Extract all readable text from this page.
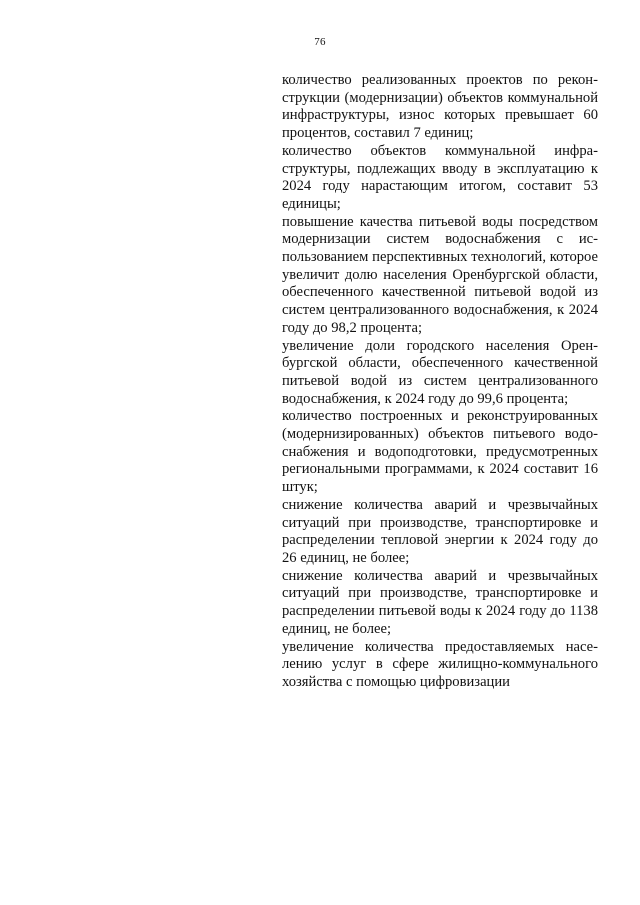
76

количество реализованных проектов по реконструкции (модернизации) объектов коммунальной инфраструктуры, износ которых превышает 60 процентов, составил 7 единиц;

количество объектов коммунальной инфраструктуры, подлежащих вводу в эксплуатацию к 2024 году нарастающим итогом, составит 53 единицы;

повышение качества питьевой воды посредством модернизации систем водоснабжения с использованием перспективных технологий, которое увеличит долю населения Оренбургской области, обеспеченного качественной питьевой водой из систем централизованного водоснабжения, к 2024 году до 98,2 процента;

увеличение доли городского населения Оренбургской области, обеспеченного качественной питьевой водой из систем централизованного водоснабжения, к 2024 году до 99,6 процента;

количество построенных и реконструированных (модернизированных) объектов питьевого водоснабжения и водоподготовки, предусмотренных региональными программами, к 2024 составит 16 штук;

снижение количества аварий и чрезвычайных ситуаций при производстве, транспортировке и распределении тепловой энергии к 2024 году до 26 единиц, не более;

снижение количества аварий и чрезвычайных ситуаций при производстве, транспортировке и распределении питьевой воды к 2024 году до 1138 единиц, не более;

увеличение количества предоставляемых населению услуг в сфере жилищно-коммунального хозяйства с помощью цифровизации
